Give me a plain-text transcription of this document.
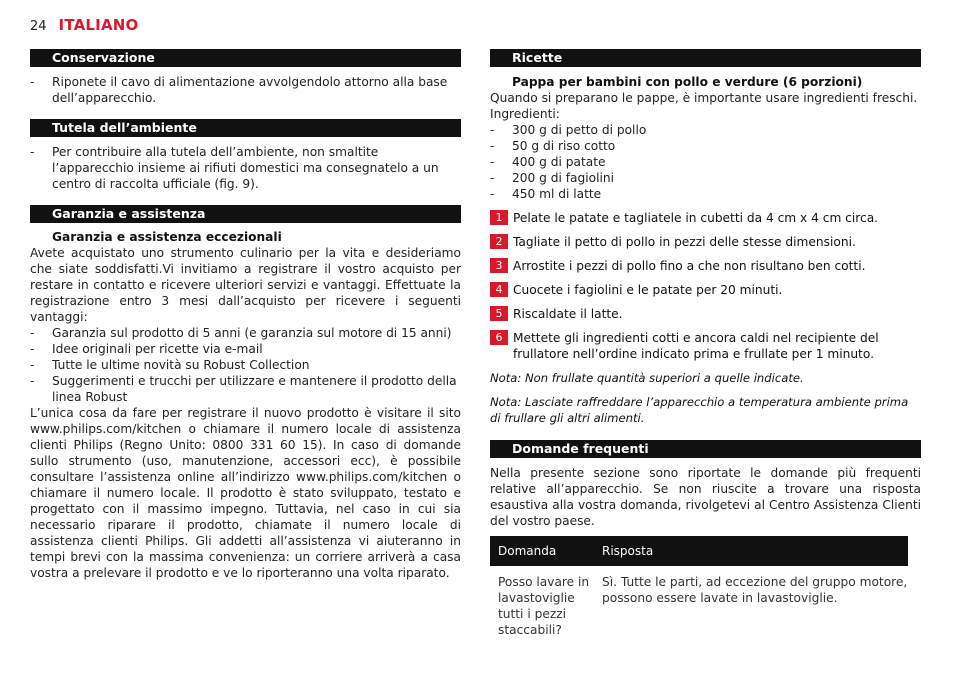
24 ITALIANO
Conservazione
- Riponete il cavo di alimentazione avvolgendolo attorno alla base dell’apparecchio.
Tutela dell’ambiente
- Per contribuire alla tutela dell’ambiente, non smaltite l’apparecchio insieme ai rifiuti domestici ma consegnatelo a un centro di raccolta ufficiale (fig. 9).
Garanzia e assistenza
Garanzia e assistenza eccezionali

Avete acquistato uno strumento culinario per la vita e desideriamo che siate soddisfatti.Vi invitiamo a registrare il vostro acquisto per restare in contatto e ricevere ulteriori servizi e vantaggi. Effettuate la registrazione entro 3 mesi dall’acquisto per ricevere i seguenti vantaggi:

- Garanzia sul prodotto di 5 anni (e garanzia sul motore di 15 anni)
- Idee originali per ricette via e-mail
- Tutte le ultime novità su Robust Collection
- Suggerimenti e trucchi per utilizzare e mantenere il prodotto della linea Robust

L’unica cosa da fare per registrare il nuovo prodotto è visitare il sito www.philips.com/kitchen o chiamare il numero locale di assistenza clienti Philips (Regno Unito: 0800 331 60 15). In caso di domande sullo strumento (uso, manutenzione, accessori ecc), è possibile consultare l’assistenza online all’indirizzo www.philips.com/kitchen o chiamare il numero locale. Il prodotto è stato sviluppato, testato e progettato con il massimo impegno. Tuttavia, nel caso in cui sia necessario riparare il prodotto, chiamate il numero locale di assistenza clienti Philips. Gli addetti all’assistenza vi aiuteranno in tempi brevi con la massima convenienza: un corriere arriverà a casa vostra a prelevare il prodotto e ve lo riporteranno una volta riparato.

Ricette
Pappa per bambini con pollo e verdure (6 porzioni)

Quando si preparano le pappe, è importante usare ingredienti freschi.

Ingredienti:

- 300 g di petto di pollo
- 50 g di riso cotto
- 400 g di patate
- 200 g di fagiolini
- 450 ml di latte
1 Pelate le patate e tagliatele in cubetti da 4 cm x 4 cm circa.
2 Tagliate il petto di pollo in pezzi delle stesse dimensioni.
3 Arrostite i pezzi di pollo fino a che non risultano ben cotti.
4 Cuocete i fagiolini e le patate per 20 minuti.
5 Riscaldate il latte.
6 Mettete gli ingredienti cotti e ancora caldi nel recipiente del frullatore nell’ordine indicato prima e frullate per 1 minuto.

Nota: Non frullate quantità superiori a quelle indicate.

Nota: Lasciate raffreddare l’apparecchio a temperatura ambiente prima di frullare gli altri alimenti.

Domande frequenti

Nella presente sezione sono riportate le domande più frequenti relative all’apparecchio. Se non riuscite a trovare una risposta esaustiva alla vostra domanda, rivolgetevi al Centro Assistenza Clienti del vostro paese.

Domanda	Risposta
Posso lavare in lavastoviglie tutti i pezzi staccabili?	Sì. Tutte le parti, ad eccezione del gruppo motore, possono essere lavate in lavastoviglie.
